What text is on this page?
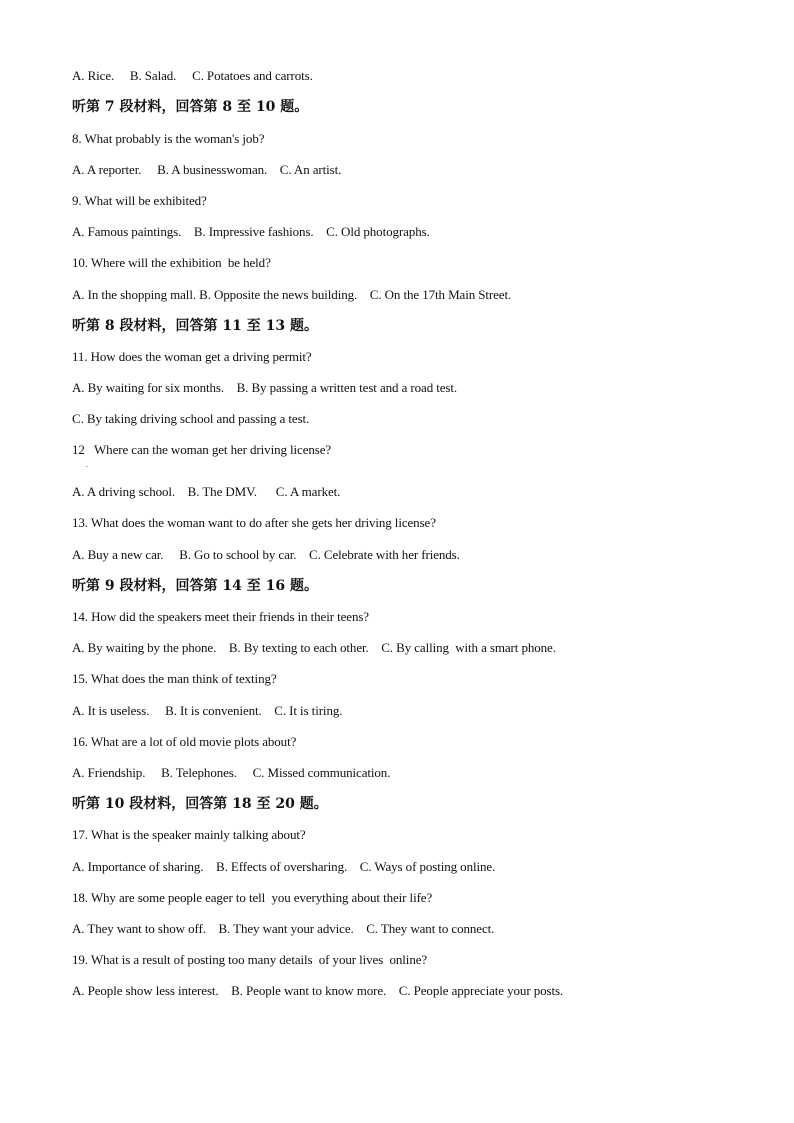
A. Rice.     B. Salad.     C. Potatoes and carrots.
听第 7 段材料，回答第 8 至 10 题。
8. What probably is the woman's job?
A. A reporter.     B. A businesswoman.    C. An artist.
9. What will be exhibited?
A. Famous paintings.    B. Impressive fashions.    C. Old photographs.
10. Where will the exhibition  be held?
A. In the shopping mall. B. Opposite the news building.    C. On the 17th Main Street.
听第 8 段材料，回答第 11 至 13 题。
11. How does the woman get a driving permit?
A. By waiting for six months.    B. By passing a written test and a road test.
C. By taking driving school and passing a test.
12   Where can the woman get her driving license?
.
A. A driving school.    B. The DMV.      C. A market.
13. What does the woman want to do after she gets her driving license?
A. Buy a new car.     B. Go to school by car.    C. Celebrate with her friends.
听第 9 段材料，回答第 14 至 16 题。
14. How did the speakers meet their friends in their teens?
A. By waiting by the phone.    B. By texting to each other.    C. By calling  with a smart phone.
15. What does the man think of texting?
A. It is useless.     B. It is convenient.    C. It is tiring.
16. What are a lot of old movie plots about?
A. Friendship.     B. Telephones.     C. Missed communication.
听第 10 段材料，回答第 18 至 20 题。
17. What is the speaker mainly talking about?
A. Importance of sharing.    B. Effects of oversharing.    C. Ways of posting online.
18. Why are some people eager to tell  you everything about their life?
A. They want to show off.    B. They want your advice.    C. They want to connect.
19. What is a result of posting too many details  of your lives  online?
A. People show less interest.    B. People want to know more.    C. People appreciate your posts.
